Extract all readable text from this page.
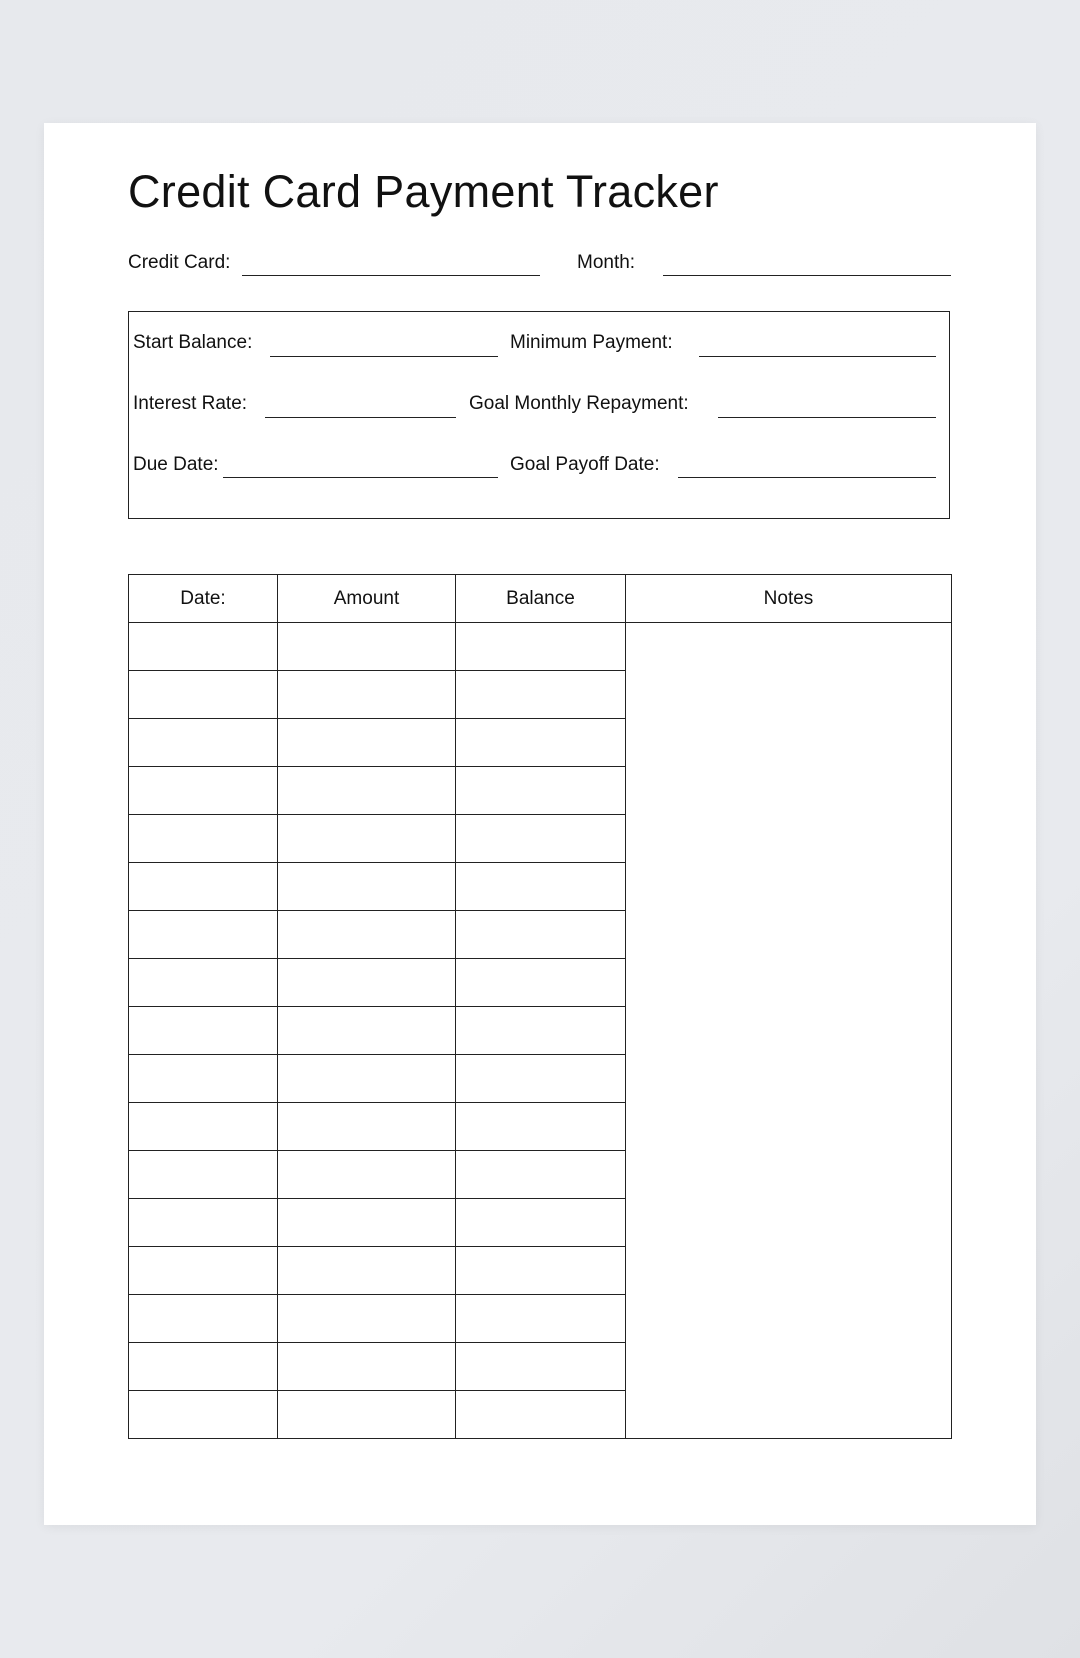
Credit Card Payment Tracker
Credit Card:	Month:
Start Balance:	Minimum Payment:
Interest Rate:	Goal Monthly Repayment:
Due Date:	Goal Payoff Date:
Date:	Amount	Balance	Notes
